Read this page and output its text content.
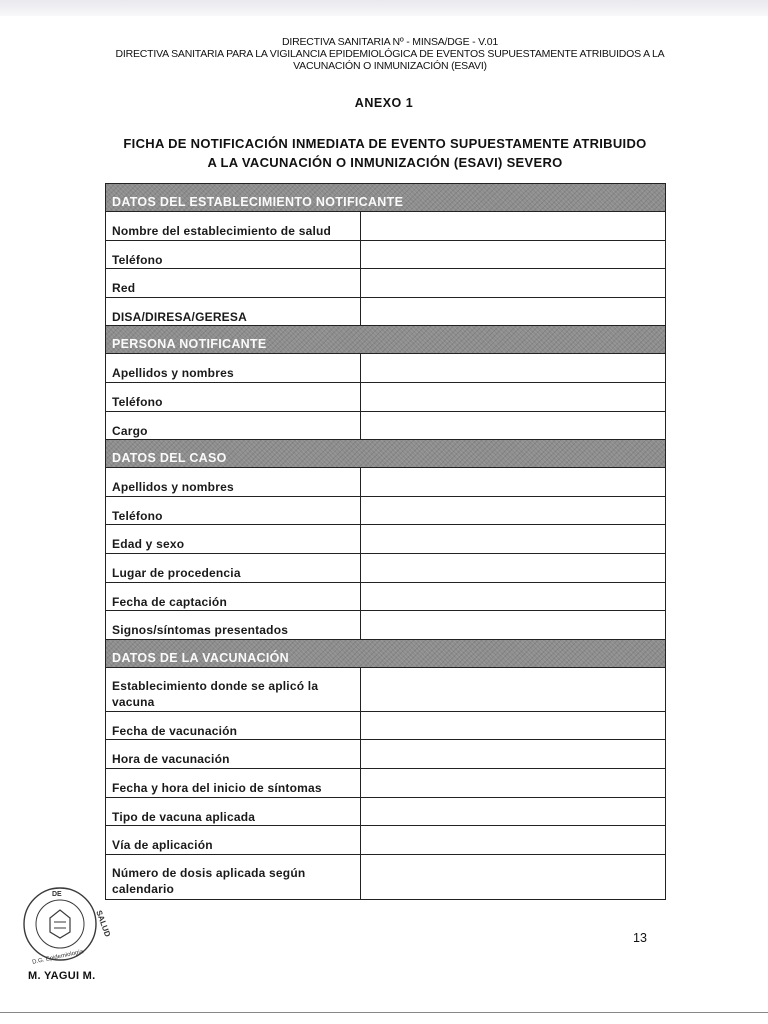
DIRECTIVA SANITARIA Nº - MINSA/DGE - V.01
DIRECTIVA SANITARIA PARA LA VIGILANCIA EPIDEMIOLÓGICA DE EVENTOS SUPUESTAMENTE ATRIBUIDOS A LA
VACUNACIÓN O INMUNIZACIÓN (ESAVI)
ANEXO 1
FICHA DE NOTIFICACIÓN INMEDIATA DE EVENTO SUPUESTAMENTE ATRIBUIDO
A LA VACUNACIÓN O INMUNIZACIÓN (ESAVI) SEVERO
DATOS DEL ESTABLECIMIENTO NOTIFICANTE
Nombre del establecimiento de salud
Teléfono
Red
DISA/DIRESA/GERESA
PERSONA NOTIFICANTE
Apellidos y nombres
Teléfono
Cargo
DATOS DEL CASO
Apellidos y nombres
Teléfono
Edad y sexo
Lugar de procedencia
Fecha de captación
Signos/síntomas presentados
DATOS DE LA VACUNACIÓN
Establecimiento donde se aplicó la vacuna
Fecha de vacunación
Hora de vacunación
Fecha y hora del inicio de síntomas
Tipo de vacuna aplicada
Vía de aplicación
Número de dosis aplicada según calendario
DE
SALUD
D.G. Epidemiología
M. YAGUI M.
13
